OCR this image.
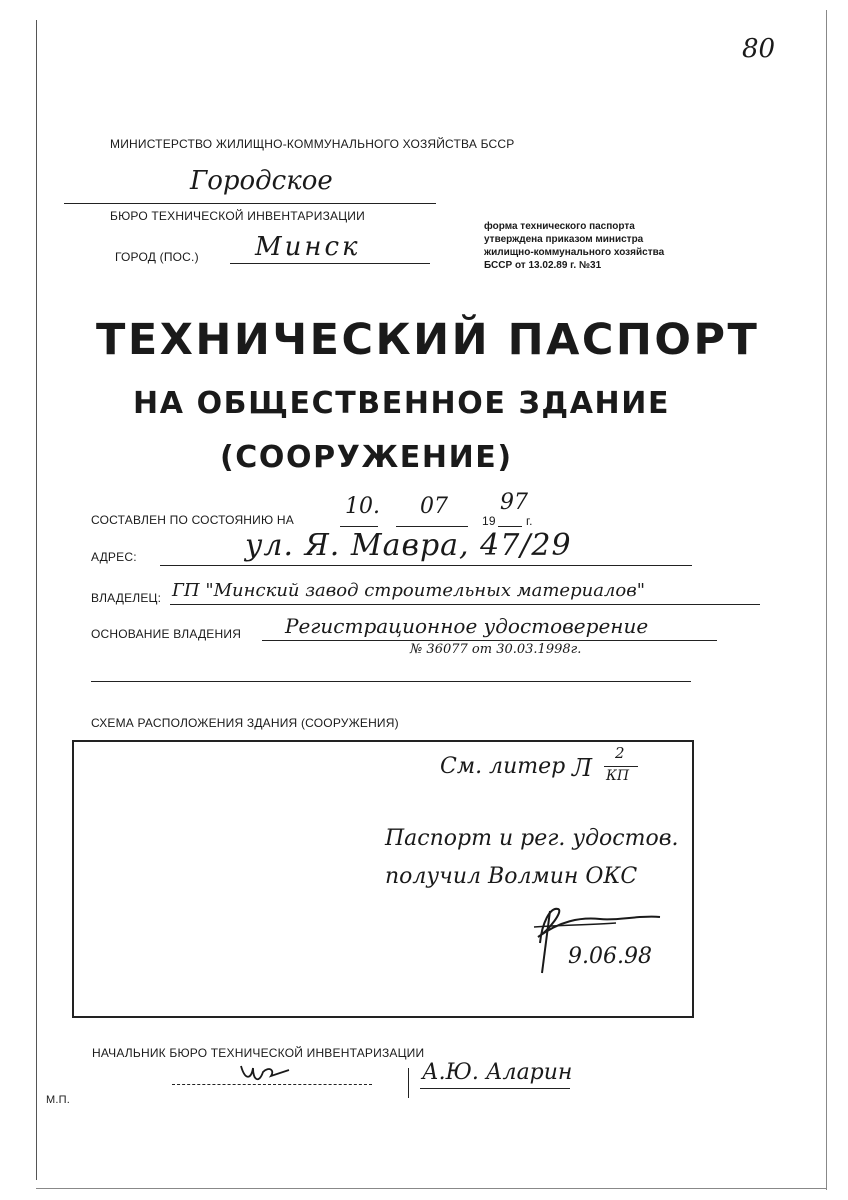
80
МИНИСТЕРСТВО ЖИЛИЩНО-КОММУНАЛЬНОГО ХОЗЯЙСТВА БССР
Городское
БЮРО ТЕХНИЧЕСКОЙ ИНВЕНТАРИЗАЦИИ
ГОРОД (ПОС.) Минск
форма технического паспорта утверждена приказом министра жилищно-коммунального хозяйства БССР от 13.02.89 г. №31
ТЕХНИЧЕСКИЙ ПАСПОРТ
НА ОБЩЕСТВЕННОЕ ЗДАНИЕ
(СООРУЖЕНИЕ)
СОСТАВЛЕН ПО СОСТОЯНИЮ НА
10. 07
19
97
г.
АДРЕС:	ул. Я. Мавра, 47/29
ВЛАДЕЛЕЦ: ГП "Минский завод строительных материалов"
ОСНОВАНИЕ ВЛАДЕНИЯ Регистрационное удостоверение
№ 36077 от 30.03.1998г.
СХЕМА РАСПОЛОЖЕНИЯ ЗДАНИЯ (СООРУЖЕНИЯ)
См. литер Л
2
КП
Паспорт и рег. удостов.
получил Волмин ОКС
9.06.98
НАЧАЛЬНИК БЮРО ТЕХНИЧЕСКОЙ ИНВЕНТАРИЗАЦИИ
А.Ю. Аларин
М.П.
